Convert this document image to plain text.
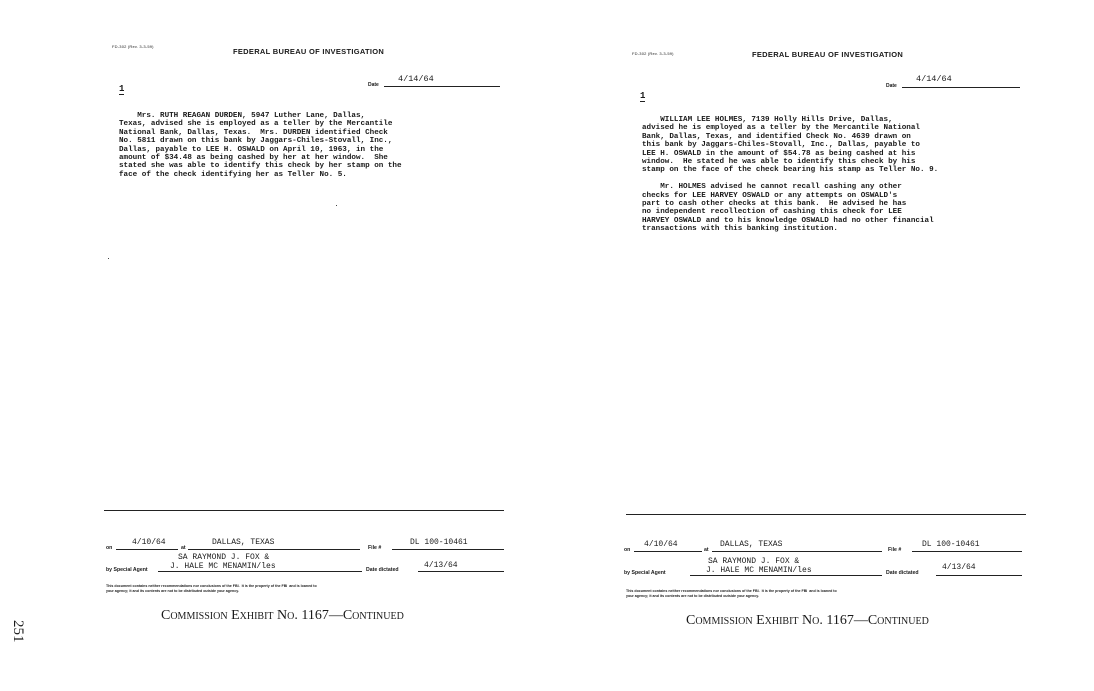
FD-302 (Rev. 3-3-59)
FEDERAL BUREAU OF INVESTIGATION
Date
4/14/64
1
Mrs. RUTH REAGAN DURDEN, 5947 Luther Lane, Dallas,
Texas, advised she is employed as a teller by the Mercantile
National Bank, Dallas, Texas.  Mrs. DURDEN identified Check
No. 5811 drawn on this bank by Jaggars-Chiles-Stovall, Inc.,
Dallas, payable to LEE H. OSWALD on April 10, 1963, in the
amount of $34.48 as being cashed by her at her window.  She
stated she was able to identify this check by her stamp on the
face of the check identifying her as Teller No. 5.
on
4/10/64
at
DALLAS, TEXAS
File #
DL 100-10461
SA RAYMOND J. FOX &
by Special Agent	J. HALE MC MENAMIN/les	Date dictated	4/13/64
This document contains neither recommendations nor conclusions of the FBI.  It is the property of the FBI  and is loaned to
your agency; it and its contents are not to be distributed outside your agency.
Commission Exhibit No. 1167—Continued
FD-302 (Rev. 3-3-59)	FEDERAL BUREAU OF INVESTIGATION
Date
4/14/64
1
WILLIAM LEE HOLMES, 7139 Holly Hills Drive, Dallas,
advised he is employed as a teller by the Mercantile National
Bank, Dallas, Texas, and identified Check No. 4639 drawn on
this bank by Jaggars-Chiles-Stovall, Inc., Dallas, payable to
LEE H. OSWALD in the amount of $54.78 as being cashed at his
window.  He stated he was able to identify this check by his
stamp on the face of the check bearing his stamp as Teller No. 9.
Mr. HOLMES advised he cannot recall cashing any other
checks for LEE HARVEY OSWALD or any attempts on OSWALD's
part to cash other checks at this bank.  He advised he has
no independent recollection of cashing this check for LEE
HARVEY OSWALD and to his knowledge OSWALD had no other financial
transactions with this banking institution.
on
4/10/64
at
DALLAS, TEXAS
File #
DL 100-10461
SA RAYMOND J. FOX &
by Special Agent	J. HALE MC MENAMIN/les	Date dictated
4/13/64
This document contains neither recommendations nor conclusions of the FBI.  It is the property of the FBI  and is loaned to
your agency; it and its contents are not to be distributed outside your agency.
Commission Exhibit No. 1167—Continued
251
